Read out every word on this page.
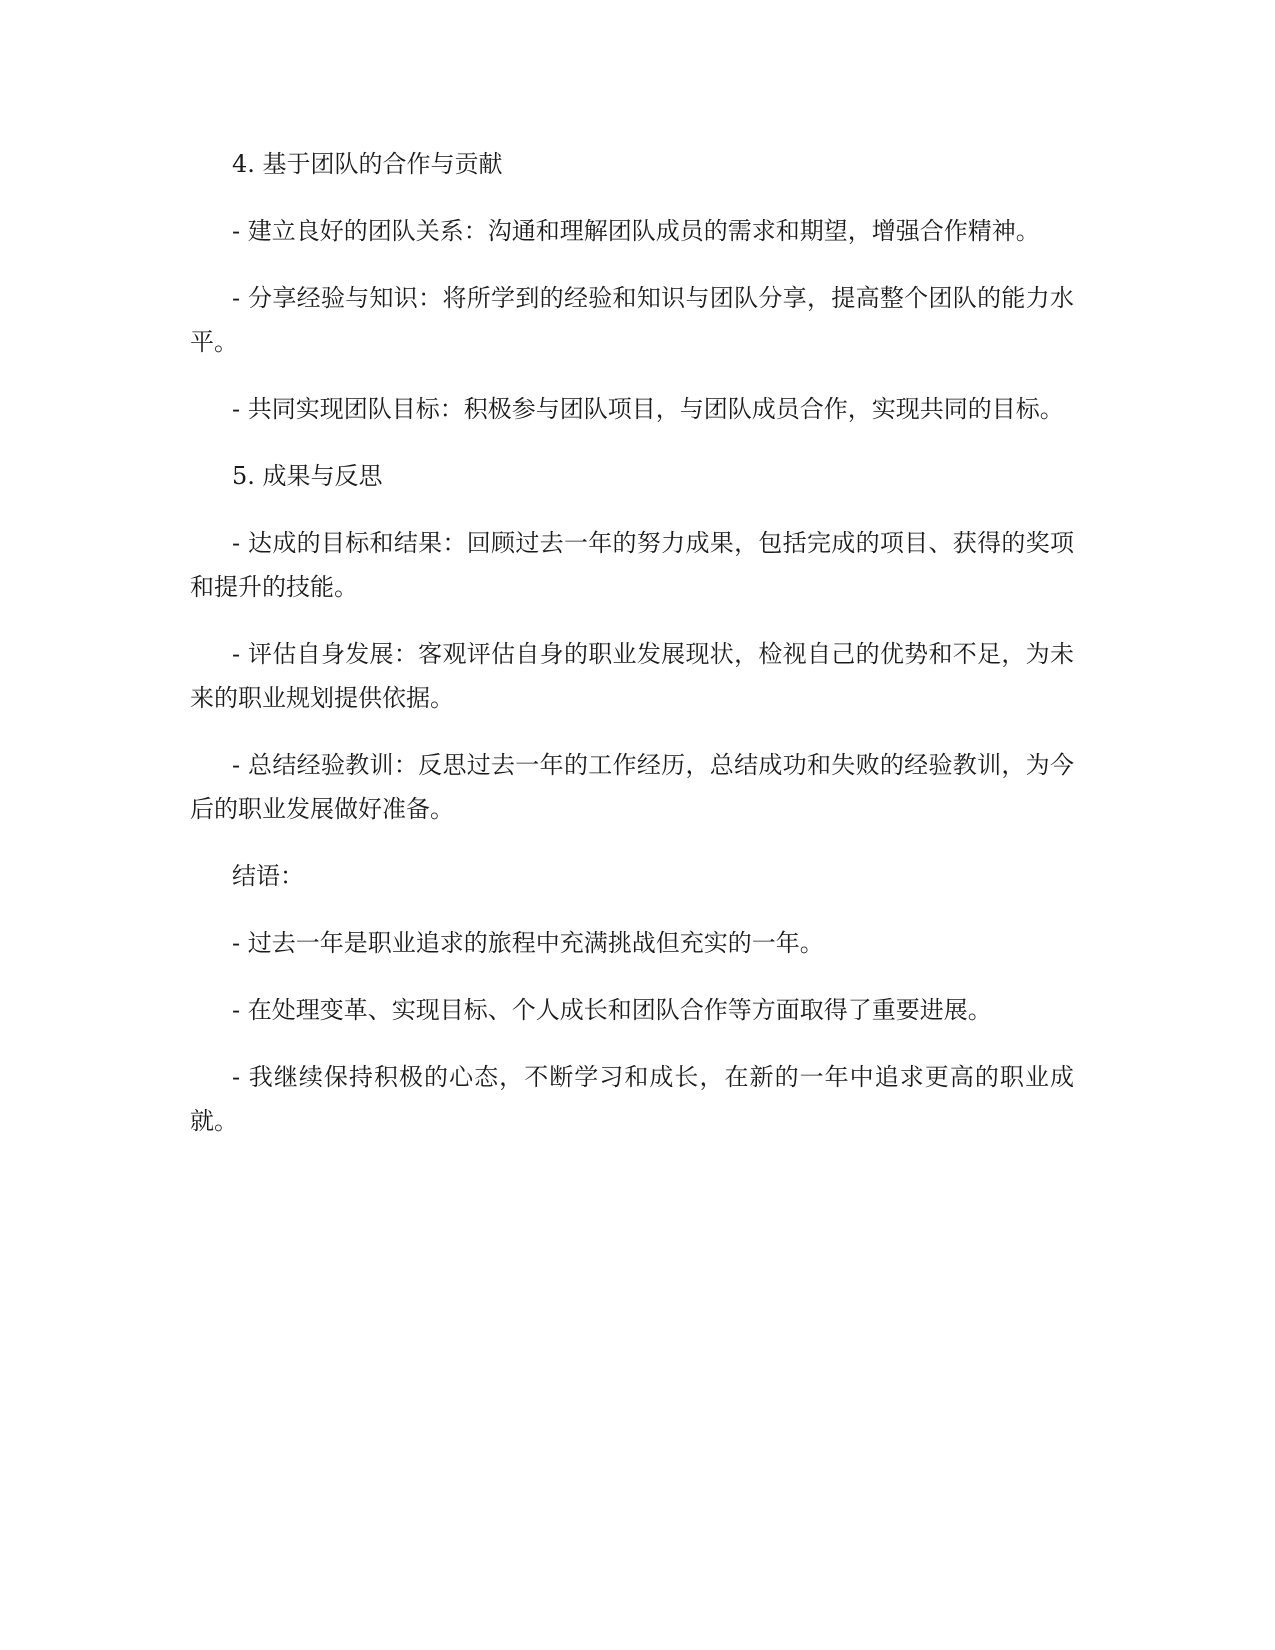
4. 基于团队的合作与贡献

- 建立良好的团队关系：沟通和理解团队成员的需求和期望，增强合作精神。

- 分享经验与知识：将所学到的经验和知识与团队分享，提高整个团队的能力水平。

- 共同实现团队目标：积极参与团队项目，与团队成员合作，实现共同的目标。

5. 成果与反思

- 达成的目标和结果：回顾过去一年的努力成果，包括完成的项目、获得的奖项和提升的技能。

- 评估自身发展：客观评估自身的职业发展现状，检视自己的优势和不足，为未来的职业规划提供依据。

- 总结经验教训：反思过去一年的工作经历，总结成功和失败的经验教训，为今后的职业发展做好准备。

结语：

- 过去一年是职业追求的旅程中充满挑战但充实的一年。

- 在处理变革、实现目标、个人成长和团队合作等方面取得了重要进展。

- 我继续保持积极的心态，不断学习和成长，在新的一年中追求更高的职业成就。
